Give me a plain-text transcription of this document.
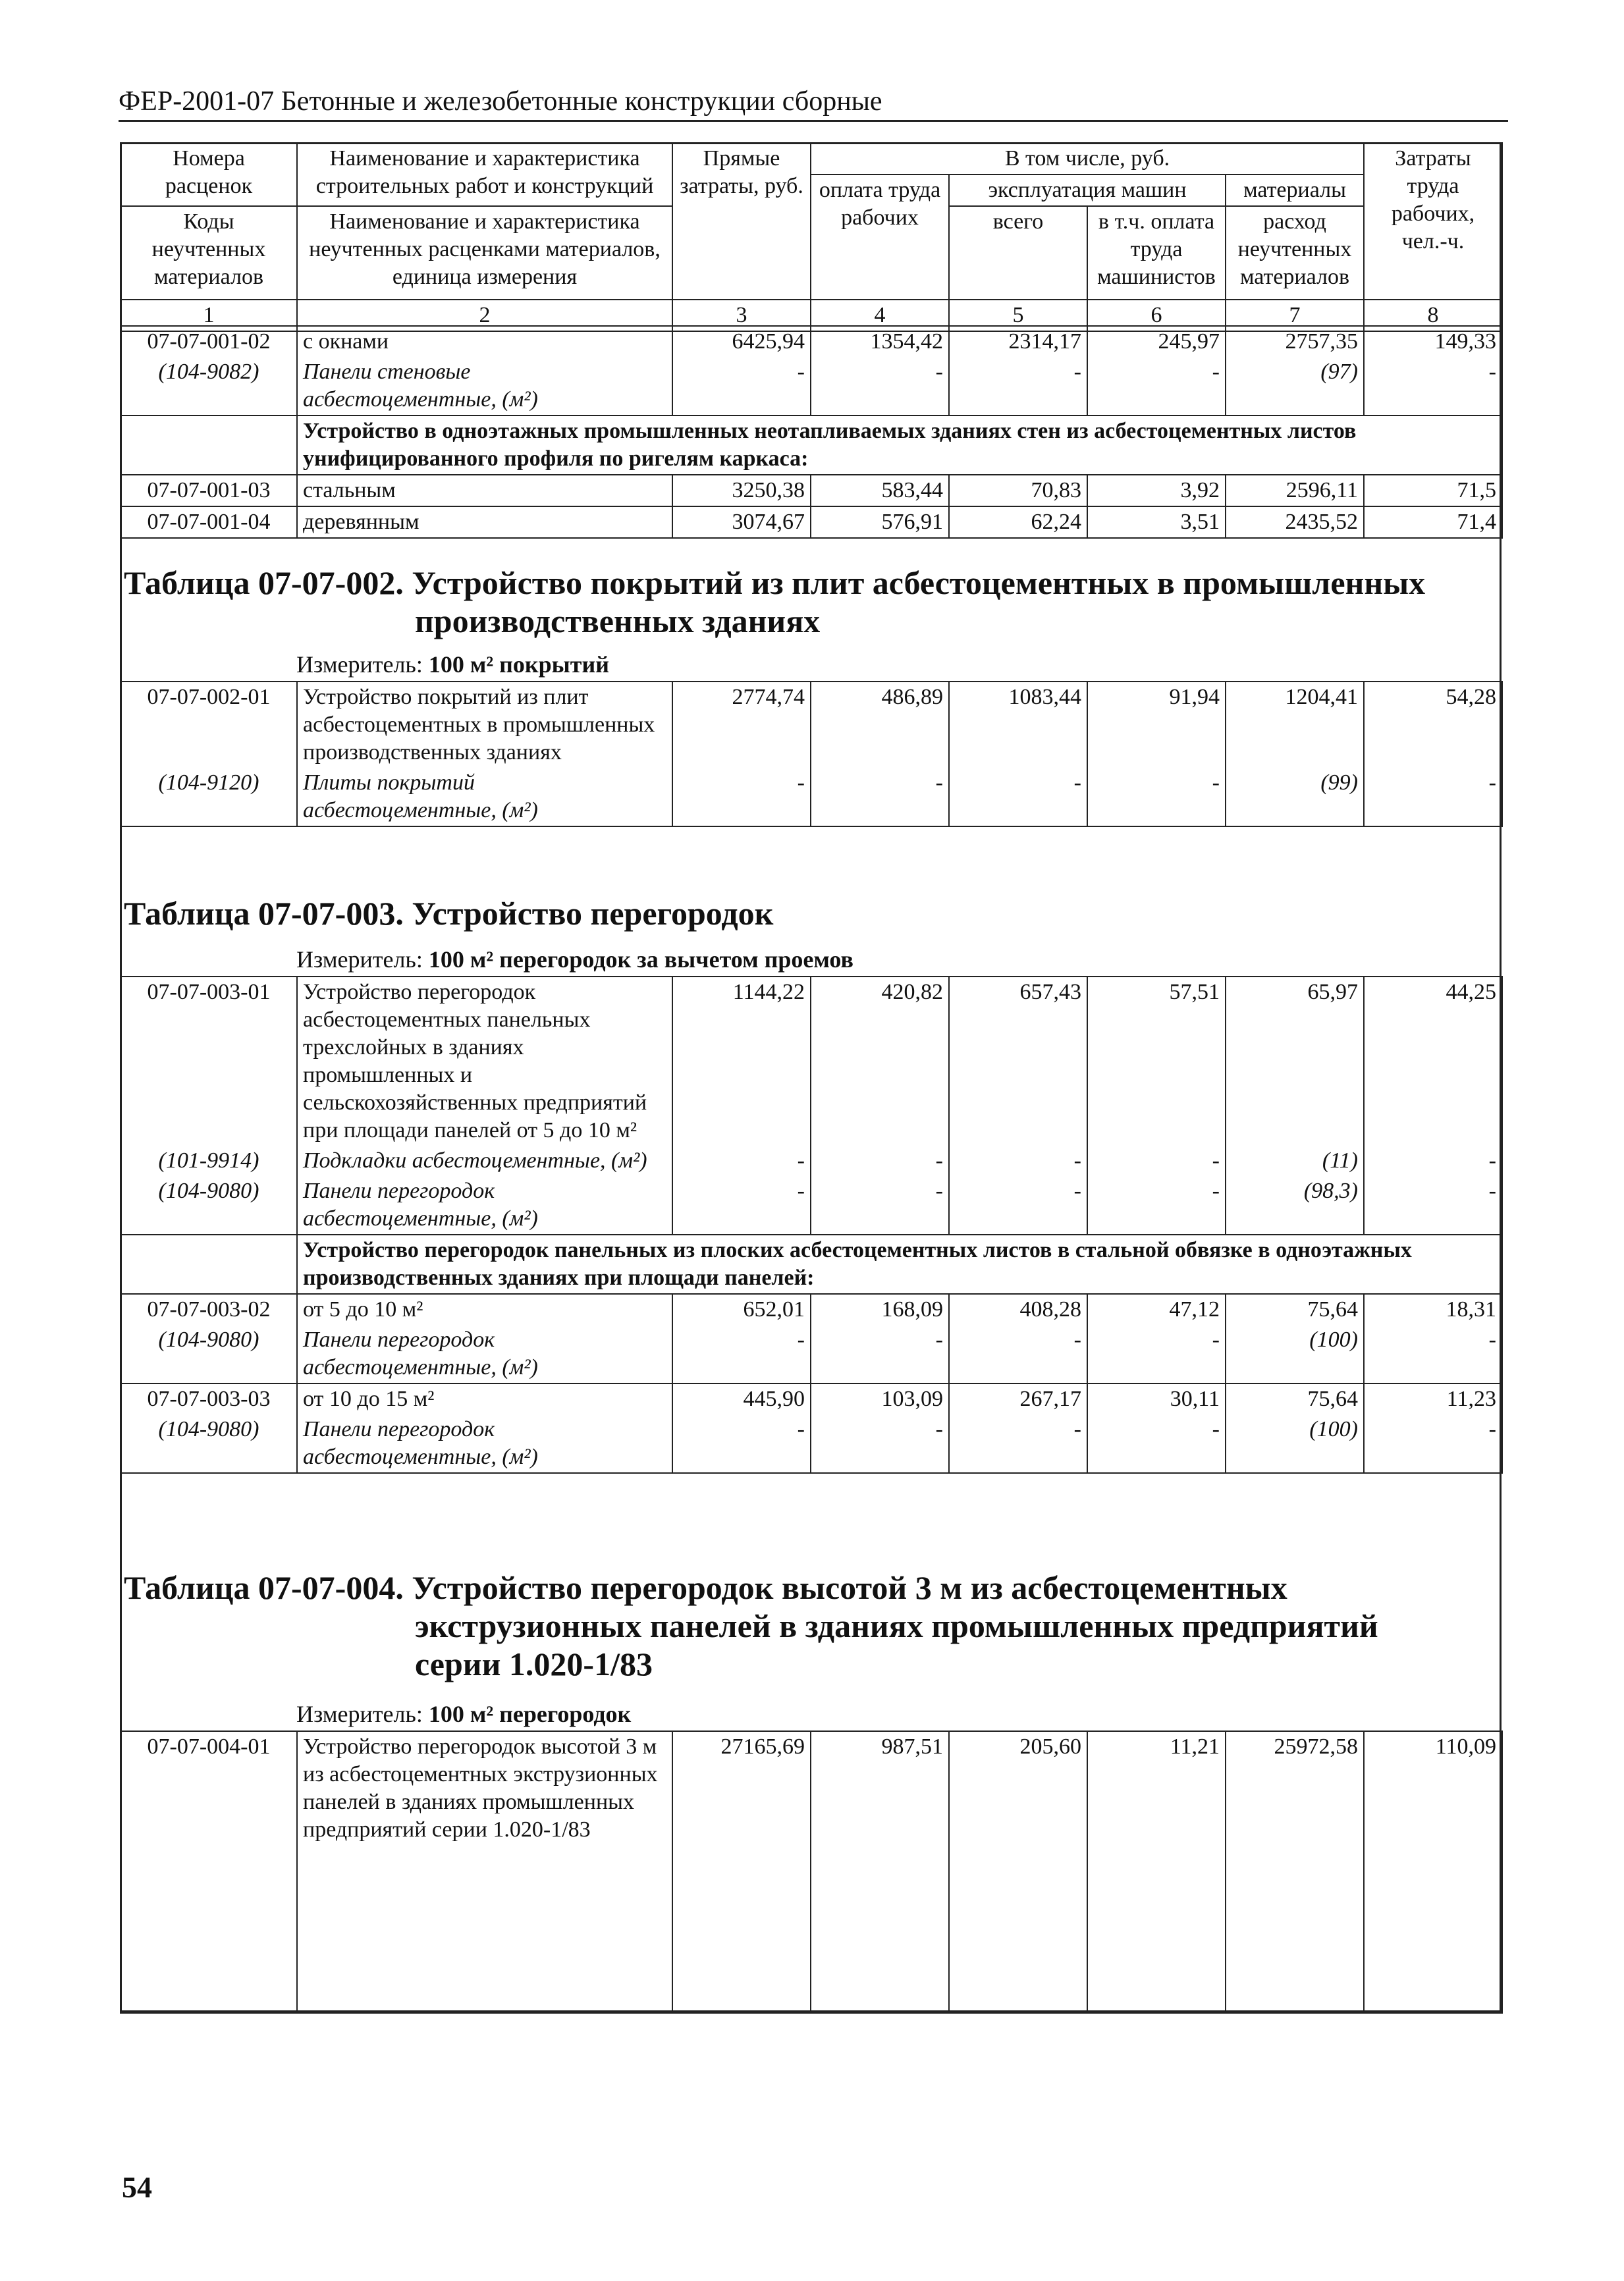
ФЕР-2001-07 Бетонные и железобетонные конструкции сборные
Номера расценок	Наименование и характеристика строительных работ и конструкций	Прямые затраты, руб.	В том числе, руб.				Затраты труда рабочих, чел.-ч.
			оплата труда рабочих	эксплуатация машин		материалы	
Коды неучтенных материалов	Наименование и характеристика неучтенных расценками материалов, единица измерения			всего	в т.ч. оплата труда машинистов	расход неучтенных материалов	

1	2	3	4	5	6	7	8
07-07-001-02	с окнами	6425,94	1354,42	2314,17	245,97	2757,35	149,33
(104-9082)	Панели стеновые асбестоцементные, (м²)	-	-	-	-	(97)	-
	Устройство в одноэтажных промышленных неотапливаемых зданиях стен из асбестоцементных листов унифицированного профиля по ригелям каркаса:						
07-07-001-03	стальным	3250,38	583,44	70,83	3,92	2596,11	71,5
07-07-001-04	деревянным	3074,67	576,91	62,24	3,51	2435,52	71,4
Таблица 07-07-002. Устройство покрытий из плит асбестоцементных в промышленных
производственных зданиях
Измеритель: 100 м² покрытий
07-07-002-01	Устройство покрытий из плит асбестоцементных в промышленных производственных зданиях	2774,74	486,89	1083,44	91,94	1204,41	54,28
(104-9120)	Плиты покрытий асбестоцементные, (м²)	-	-	-	-	(99)	-
Таблица 07-07-003. Устройство перегородок
Измеритель: 100 м² перегородок за вычетом проемов
07-07-003-01	Устройство перегородок асбестоцементных панельных трехслойных в зданиях промышленных и сельскохозяйственных предприятий при площади панелей от 5 до 10 м²	1144,22	420,82	657,43	57,51	65,97	44,25
(101-9914)	Подкладки асбестоцементные, (м²)	-	-	-	-	(11)	-
(104-9080)	Панели перегородок асбестоцементные, (м²)	-	-	-	-	(98,3)	-
	Устройство перегородок панельных из плоских асбестоцементных листов в стальной обвязке в одноэтажных производственных зданиях при площади панелей:						
07-07-003-02	от 5 до 10 м²	652,01	168,09	408,28	47,12	75,64	18,31
(104-9080)	Панели перегородок асбестоцементные, (м²)	-	-	-	-	(100)	-
07-07-003-03	от 10 до 15 м²	445,90	103,09	267,17	30,11	75,64	11,23
(104-9080)	Панели перегородок асбестоцементные, (м²)	-	-	-	-	(100)	-
Таблица 07-07-004. Устройство перегородок высотой 3 м из асбестоцементных
экструзионных панелей в зданиях промышленных предприятий
серии 1.020-1/83
Измеритель: 100 м² перегородок
07-07-004-01	Устройство перегородок высотой 3 м из асбестоцементных экструзионных панелей в зданиях промышленных предприятий серии 1.020-1/83	27165,69	987,51	205,60	11,21	25972,58	110,09
54
